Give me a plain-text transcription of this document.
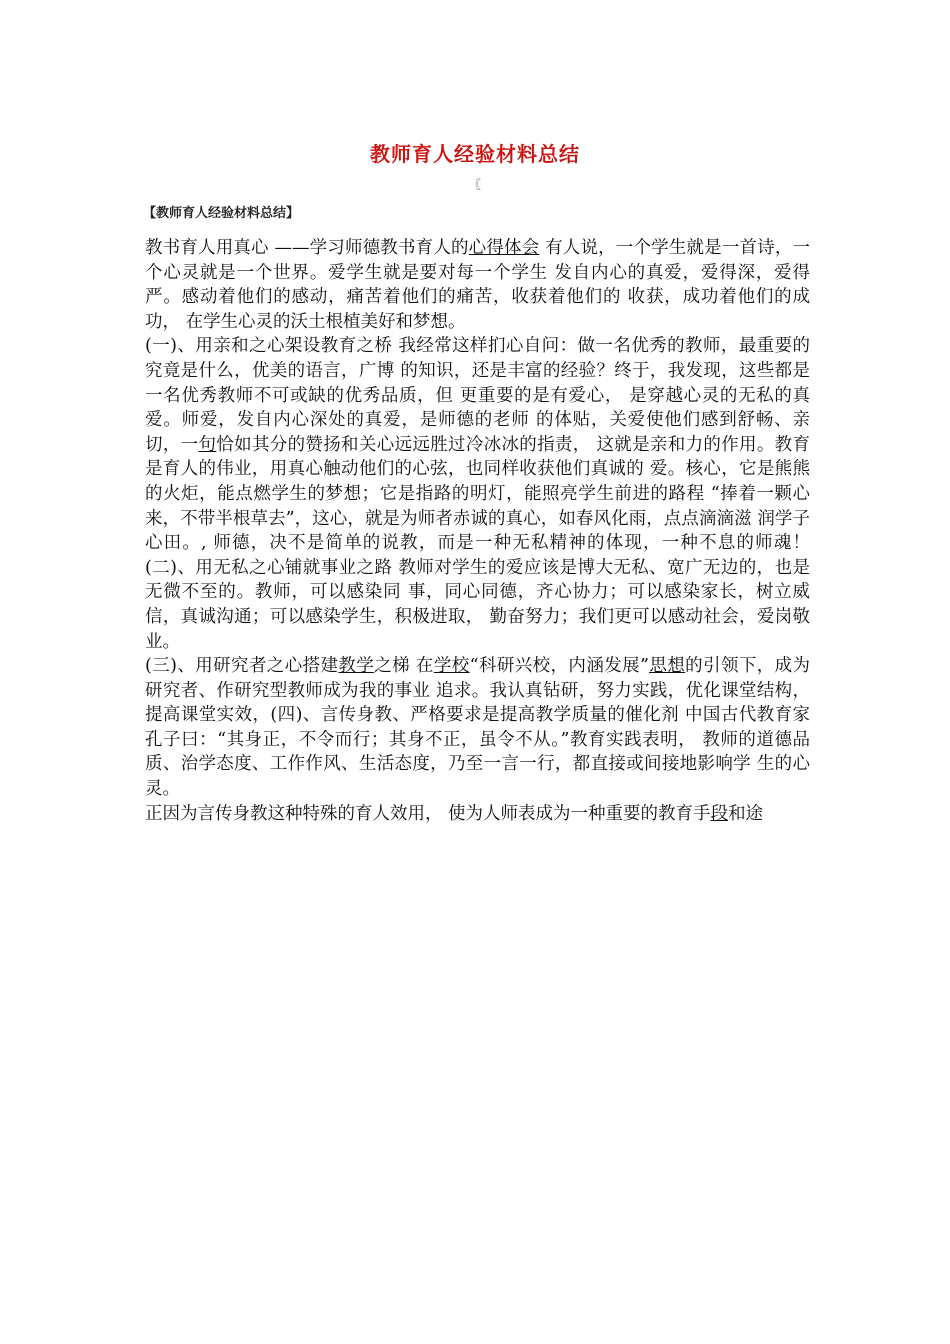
教师育人经验材料总结
〖
【教师育人经验材料总结】

教书育人用真心 ——学习师德教书育人的心得体会 有人说，一个学生就是一首诗，一个心灵就是一个世界。爱学生就是要对每一个学生 发自内心的真爱，爱得深，爱得严。感动着他们的感动，痛苦着他们的痛苦，收获着他们的 收获，成功着他们的成功， 在学生心灵的沃土根植美好和梦想。

(一)、用亲和之心架设教育之桥 我经常这样扪心自问：做一名优秀的教师，最重要的究竟是什么，优美的语言，广博 的知识，还是丰富的经验？终于，我发现，这些都是一名优秀教师不可或缺的优秀品质，但 更重要的是有爱心， 是穿越心灵的无私的真爱。师爱，发自内心深处的真爱，是师德的老师 的体贴，关爱使他们感到舒畅、亲切，一句恰如其分的赞扬和关心远远胜过冷冰冰的指责， 这就是亲和力的作用。教育是育人的伟业，用真心触动他们的心弦，也同样收获他们真诚的 爱。核心，它是熊熊的火炬，能点燃学生的梦想；它是指路的明灯，能照亮学生前进的路程 “捧着一颗心来，不带半根草去”，这心，就是为师者赤诚的真心，如春风化雨，点点滴滴滋 润学子心田。, 师德，决不是简单的说教，而是一种无私精神的体现，一种不息的师魂！ (二)、用无私之心铺就事业之路 教师对学生的爱应该是博大无私、宽广无边的，也是无微不至的。教师，可以感染同 事，同心同德，齐心协力；可以感染家长，树立威信，真诚沟通；可以感染学生，积极进取， 勤奋努力；我们更可以感动社会，爱岗敬业。

(三)、用研究者之心搭建教学之梯 在学校“科研兴校，内涵发展”思想的引领下，成为研究者、作研究型教师成为我的事业 追求。我认真钻研，努力实践，优化课堂结构，提高课堂实效，(四)、言传身教、严格要求是提高教学质量的催化剂 中国古代教育家孔子曰：“其身正，不令而行；其身不正，虽令不从。”教育实践表明， 教师的道德品质、治学态度、工作作风、生活态度，乃至一言一行，都直接或间接地影响学 生的心灵。

正因为言传身教这种特殊的育人效用， 使为人师表成为一种重要的教育手段和途
